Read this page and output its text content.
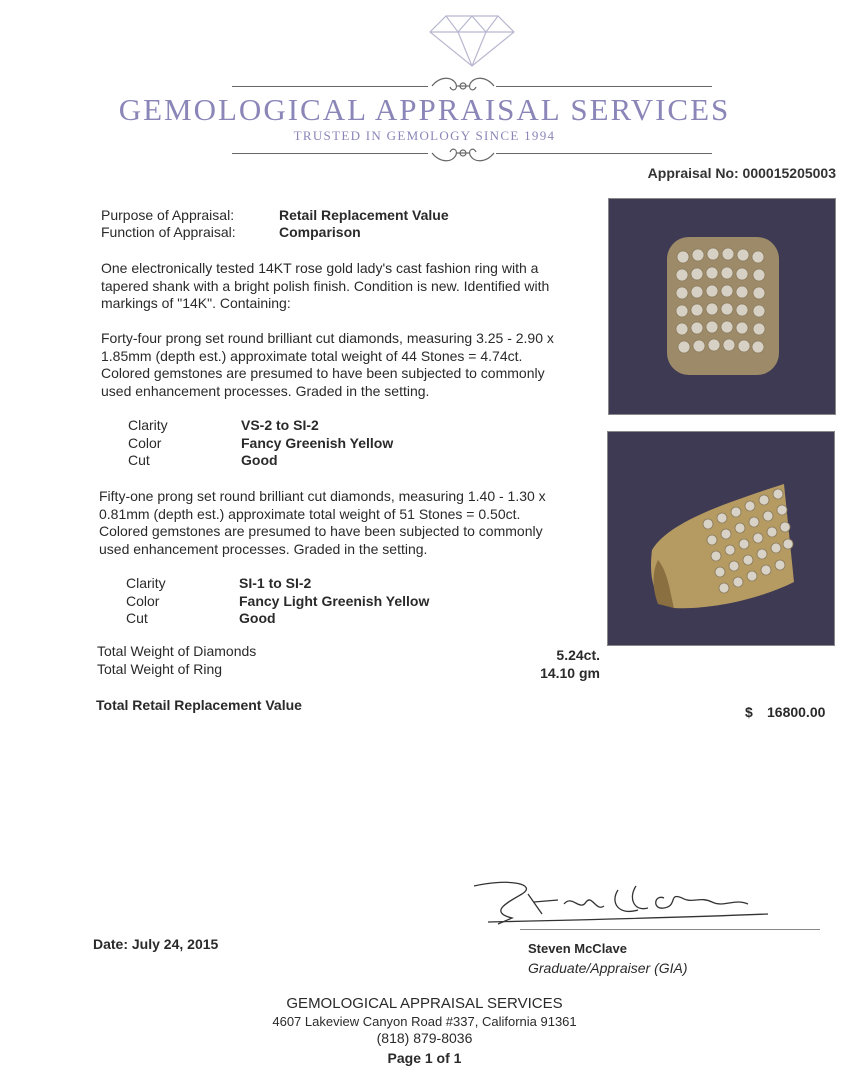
GEMOLOGICAL APPRAISAL SERVICES
TRUSTED IN GEMOLOGY SINCE 1994
Appraisal No: 000015205003
Purpose of Appraisal:	Retail Replacement Value
Function of Appraisal:	Comparison
One electronically tested 14KT rose gold lady's cast fashion ring with a tapered shank with a bright polish finish. Condition is new. Identified with markings of "14K". Containing:
Forty-four prong set round brilliant cut diamonds, measuring 3.25 - 2.90 x 1.85mm (depth est.) approximate total weight of 44 Stones = 4.74ct. Colored gemstones are presumed to have been subjected to commonly used enhancement processes. Graded in the setting.
Clarity	VS-2 to SI-2
Color	Fancy Greenish Yellow
Cut	Good
Fifty-one prong set round brilliant cut diamonds, measuring 1.40 - 1.30 x 0.81mm (depth est.) approximate total weight of 51 Stones = 0.50ct. Colored gemstones are presumed to have been subjected to commonly used enhancement processes. Graded in the setting.
Clarity	SI-1 to SI-2
Color	Fancy Light Greenish Yellow
Cut	Good
Total Weight of Diamonds	5.24ct.
Total Weight of Ring	14.10 gm
Total Retail Replacement Value	$ 16800.00
Date: July 24, 2015	Steven McClave
Graduate/Appraiser (GIA)
GEMOLOGICAL APPRAISAL SERVICES
4607 Lakeview Canyon Road #337, California 91361
(818) 879-8036
Page 1 of 1
